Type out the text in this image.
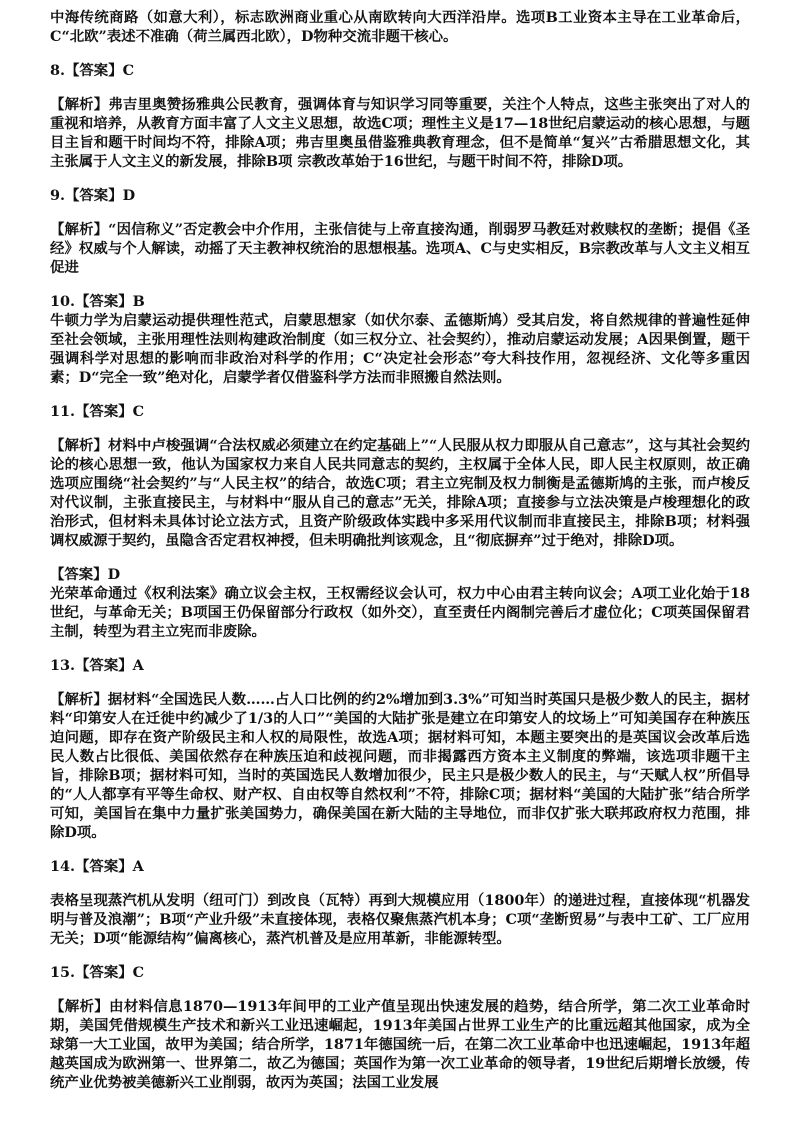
中海传统商路（如意大利），标志欧洲商业重心从南欧转向大西洋沿岸。选项B工业资本主导在工业革命后，C“北欧”表述不准确（荷兰属西北欧），D物种交流非题干核心。

8.【答案】C

【解析】弗吉里奥赞扬雅典公民教育，强调体育与知识学习同等重要，关注个人特点，这些主张突出了对人的重视和培养，从教育方面丰富了人文主义思想，故选C项；理性主义是17—18世纪启蒙运动的核心思想，与题目主旨和题干时间均不符，排除A项；弗吉里奥虽借鉴雅典教育理念，但不是简单“复兴”古希腊思想文化，其主张属于人文主义的新发展，排除B项 宗教改革始于16世纪，与题干时间不符，排除D项。

9.【答案】D

【解析】“因信称义”否定教会中介作用，主张信徒与上帝直接沟通，削弱罗马教廷对救赎权的垄断；提倡《圣经》权威与个人解读，动摇了天主教神权统治的思想根基。选项A、C与史实相反，B宗教改革与人文主义相互促进

10.【答案】B

牛顿力学为启蒙运动提供理性范式，启蒙思想家（如伏尔泰、孟德斯鸠）受其启发，将自然规律的普遍性延伸至社会领域，主张用理性法则构建政治制度（如三权分立、社会契约），推动启蒙运动发展；A因果倒置，题干强调科学对思想的影响而非政治对科学的作用；C“决定社会形态”夸大科技作用，忽视经济、文化等多重因素；D“完全一致”绝对化，启蒙学者仅借鉴科学方法而非照搬自然法则。

11.【答案】C

【解析】材料中卢梭强调“合法权威必须建立在约定基础上”“人民服从权力即服从自己意志”，这与其社会契约论的核心思想一致，他认为国家权力来自人民共同意志的契约，主权属于全体人民，即人民主权原则，故正确选项应围绕“社会契约”与“人民主权”的结合，故选C项；君主立宪制及权力制衡是孟德斯鸠的主张，而卢梭反对代议制，主张直接民主，与材料中“服从自己的意志”无关，排除A项；直接参与立法决策是卢梭理想化的政治形式，但材料未具体讨论立法方式，且资产阶级政体实践中多采用代议制而非直接民主，排除B项；材料强调权威源于契约，虽隐含否定君权神授，但未明确批判该观念，且“彻底摒弃”过于绝对，排除D项。

【答案】D

光荣革命通过《权利法案》确立议会主权，王权需经议会认可，权力中心由君主转向议会；A项工业化始于18世纪，与革命无关；B项国王仍保留部分行政权（如外交），直至责任内阁制完善后才虚位化；C项英国保留君主制，转型为君主立宪而非废除。

13.【答案】A

【解析】据材料“全国选民人数……占人口比例的约2%增加到3.3%”可知当时英国只是极少数人的民主，据材料“印第安人在迁徙中约减少了1/3的人口”“美国的大陆扩张是建立在印第安人的坟场上”可知美国存在种族压迫问题，即存在资产阶级民主和人权的局限性，故选A项；据材料可知，本题主要突出的是英国议会改革后选民人数占比很低、美国依然存在种族压迫和歧视问题，而非揭露西方资本主义制度的弊端，该选项非题干主旨，排除B项；据材料可知，当时的英国选民人数增加很少，民主只是极少数人的民主，与“天赋人权”所倡导的“人人都享有平等生命权、财产权、自由权等自然权利”不符，排除C项；据材料“美国的大陆扩张”结合所学可知，美国旨在集中力量扩张美国势力，确保美国在新大陆的主导地位，而非仅扩张大联邦政府权力范围，排除D项。

14.【答案】A

表格呈现蒸汽机从发明（纽可门）到改良（瓦特）再到大规模应用（1800年）的递进过程，直接体现“机器发明与普及浪潮”；B项“产业升级”未直接体现，表格仅聚焦蒸汽机本身；C项“垄断贸易”与表中工矿、工厂应用无关；D项“能源结构”偏离核心，蒸汽机普及是应用革新，非能源转型。

15.【答案】C

【解析】由材料信息1870—1913年间甲的工业产值呈现出快速发展的趋势，结合所学，第二次工业革命时期，美国凭借规模生产技术和新兴工业迅速崛起，1913年美国占世界工业生产的比重远超其他国家，成为全球第一大工业国，故甲为美国；结合所学，1871年德国统一后，在第二次工业革命中也迅速崛起，1913年超越英国成为欧洲第一、世界第二，故乙为德国；英国作为第一次工业革命的领导者，19世纪后期增长放缓，传统产业优势被美德新兴工业削弱，故丙为英国；法国工业发展
